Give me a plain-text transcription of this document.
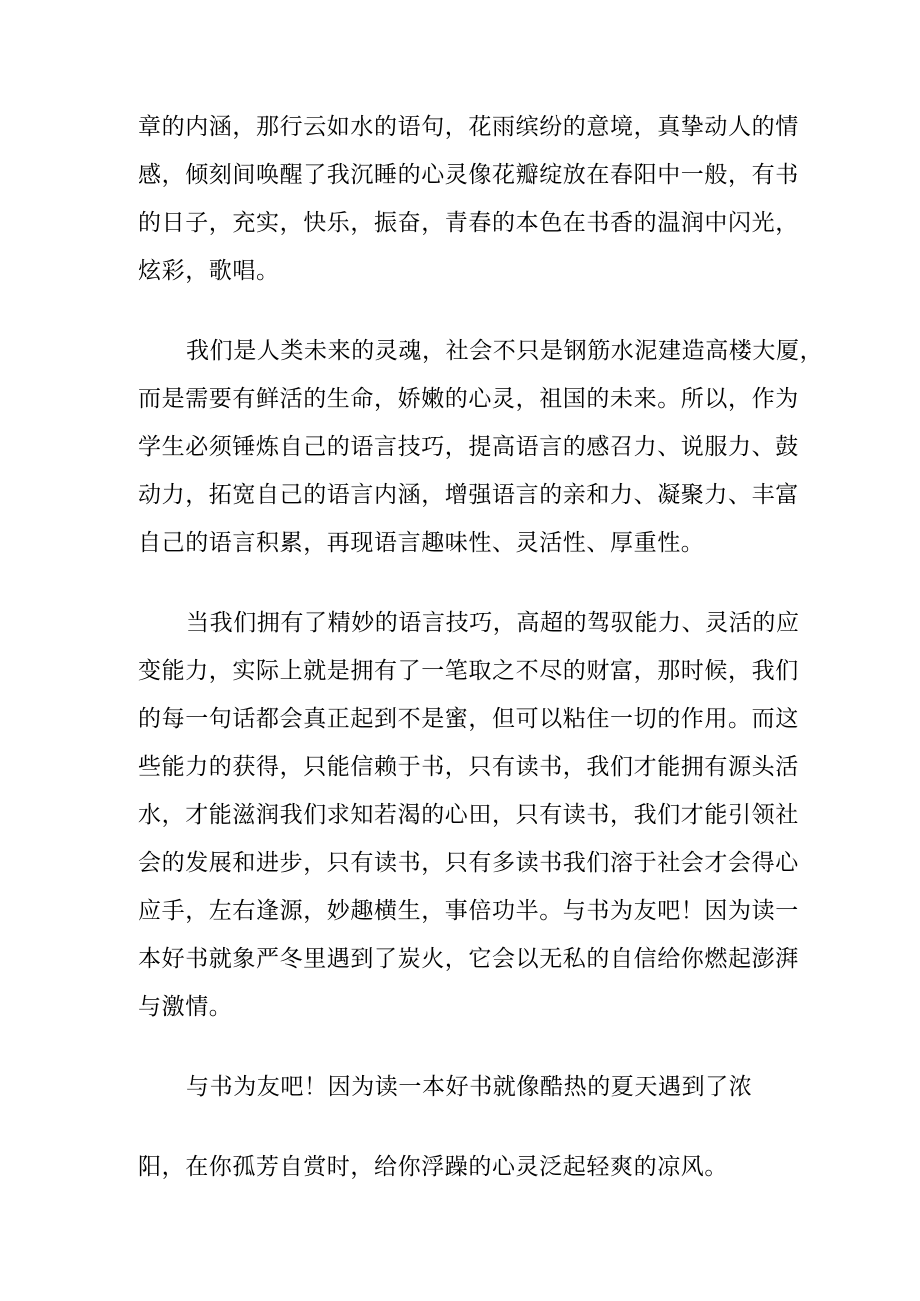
章的内涵，那行云如水的语句，花雨缤纷的意境，真挚动人的情
感，倾刻间唤醒了我沉睡的心灵像花瓣绽放在春阳中一般，有书
的日子，充实，快乐，振奋，青春的本色在书香的温润中闪光，
炫彩，歌唱。
我们是人类未来的灵魂，社会不只是钢筋水泥建造高楼大厦，
而是需要有鲜活的生命，娇嫩的心灵，祖国的未来。所以，作为
学生必须锤炼自己的语言技巧，提高语言的感召力、说服力、鼓
动力，拓宽自己的语言内涵，增强语言的亲和力、凝聚力、丰富
自己的语言积累，再现语言趣味性、灵活性、厚重性。
当我们拥有了精妙的语言技巧，高超的驾驭能力、灵活的应
变能力，实际上就是拥有了一笔取之不尽的财富，那时候，我们
的每一句话都会真正起到不是蜜，但可以粘住一切的作用。而这
些能力的获得，只能信赖于书，只有读书，我们才能拥有源头活
水，才能滋润我们求知若渴的心田，只有读书，我们才能引领社
会的发展和进步，只有读书，只有多读书我们溶于社会才会得心
应手，左右逢源，妙趣横生，事倍功半。与书为友吧！因为读一
本好书就象严冬里遇到了炭火，它会以无私的自信给你燃起澎湃
与激情。
与书为友吧！因为读一本好书就像酷热的夏天遇到了浓
阳，在你孤芳自赏时，给你浮躁的心灵泛起轻爽的凉风。
